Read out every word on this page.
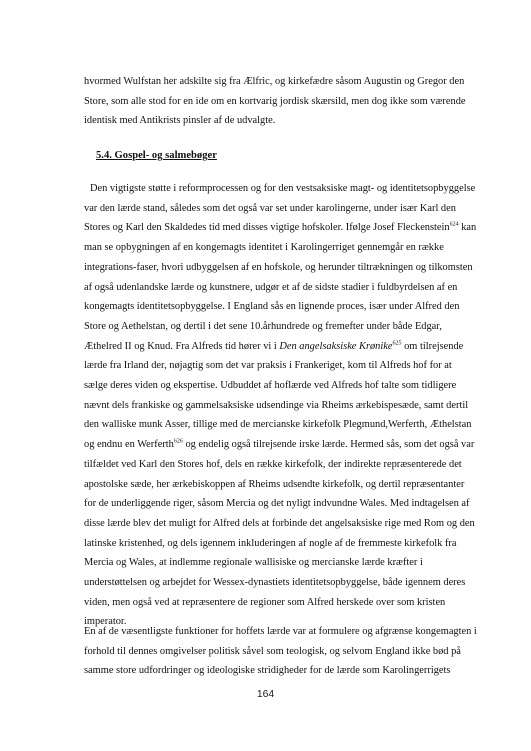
hvormed Wulfstan her adskilte sig fra Ælfric, og kirkefædre såsom Augustin og Gregor den
Store, som alle stod for en ide om en kortvarig jordisk skærsild, men dog ikke som værende
identisk med Antikrists pinsler af de udvalgte.

5.4. Gospel- og salmebøger

Den vigtigste støtte i reformprocessen og for den vestsaksiske magt- og identitetsopbyggelse
var den lærde stand, således som det også var set under karolingerne, under især Karl den
Stores og Karl den Skaldedes tid med disses vigtige hofskoler. Ifølge Josef Fleckenstein$^{624}$ kan
man se opbygningen af en kongemagts identitet i Karolingerriget gennemgår en række
integrations-faser, hvori udbyggelsen af en hofskole, og herunder tiltrækningen og tilkomsten
af også udenlandske lærde og kunstnere, udgør et af de sidste stadier i fuldbyrdelsen af en
kongemagts identitetsopbyggelse. I England sås en lignende proces, især under Alfred den
Store og Aethelstan, og dertil i det sene 10.århundrede og fremefter under både Edgar,
Æthelred II og Knud. Fra Alfreds tid hører vi i Den angelsaksiske Krønike$^{625}$ om tilrejsende
lærde fra Irland der, nøjagtig som det var praksis i Frankeriget, kom til Alfreds hof for at
sælge deres viden og ekspertise. Udbuddet af hoflærde ved Alfreds hof talte som tidligere
nævnt dels frankiske og gammelsaksiske udsendinge via Rheims ærkebispesæde, samt dertil
den walliske munk Asser, tillige med de mercianske kirkefolk Plegmund,Werferth, Æthelstan
og endnu en Werferth$^{626}$ og endelig også tilrejsende irske lærde. Hermed sås, som det også var
tilfældet ved Karl den Stores hof, dels en række kirkefolk, der indirekte repræsenterede det
apostolske sæde, her ærkebiskoppen af Rheims udsendte kirkefolk, og dertil repræsentanter
for de underliggende riger, såsom Mercia og det nyligt indvundne Wales. Med indtagelsen af
disse lærde blev det muligt for Alfred dels at forbinde det angelsaksiske rige med Rom og den
latinske kristenhed, og dels igennem inkluderingen af nogle af de fremmeste kirkefolk fra
Mercia og Wales, at indlemme regionale wallisiske og mercianske lærde kræfter i
understøttelsen og arbejdet for Wessex-dynastiets identitetsopbyggelse, både igennem deres
viden, men også ved at repræsentere de regioner som Alfred herskede over som kristen
imperator.

En af de væsentligste funktioner for hoffets lærde var at formulere og afgrænse kongemagten i
forhold til dennes omgivelser politisk såvel som teologisk, og selvom England ikke bød på
samme store udfordringer og ideologiske stridigheder for de lærde som Karolingerrigets

164
